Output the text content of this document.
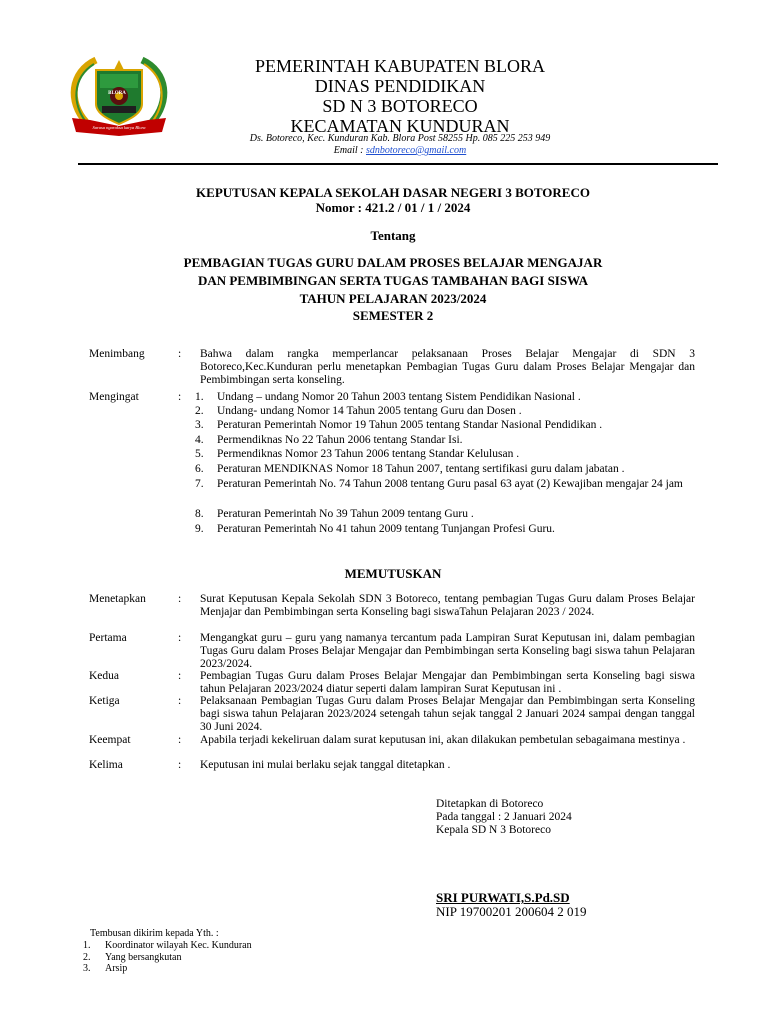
BLORA
Sarasa ngaraksa karya Blora
PEMERINTAH KABUPATEN BLORA
DINAS PENDIDIKAN
SD N 3 BOTORECO
KECAMATAN KUNDURAN
Ds. Botoreco, Kec. Kunduran Kab. Blora Post 58255 Hp. 085 225 253 949
Email : sdnbotoreco@gmail.com
KEPUTUSAN KEPALA SEKOLAH DASAR NEGERI 3 BOTORECO
Nomor : 421.2 / 01 / 1 / 2024
Tentang
PEMBAGIAN TUGAS GURU DALAM PROSES BELAJAR MENGAJAR
DAN PEMBIMBINGAN SERTA TUGAS TAMBAHAN BAGI SISWA
TAHUN PELAJARAN 2023/2024
SEMESTER 2
Menimbang	: Bahwa dalam rangka memperlancar pelaksanaan Proses Belajar Mengajar di SDN 3 Botoreco,Kec.Kunduran perlu menetapkan Pembagian Tugas Guru dalam Proses Belajar Mengajar dan Pembimbingan serta konseling.
Mengingat	: 1. Undang – undang Nomor 20 Tahun 2003 tentang Sistem Pendidikan Nasional .
2. Undang- undang Nomor 14 Tahun 2005 tentang Guru dan Dosen .
3. Peraturan Pemerintah Nomor 19 Tahun 2005 tentang Standar Nasional Pendidikan .
4. Permendiknas No 22 Tahun 2006 tentang Standar Isi.
5. Permendiknas Nomor 23 Tahun 2006 tentang Standar Kelulusan .
6. Peraturan MENDIKNAS Nomor 18 Tahun 2007, tentang sertifikasi guru dalam jabatan .
7. Peraturan Pemerintah No. 74 Tahun 2008 tentang Guru pasal 63 ayat (2) Kewajiban mengajar 24 jam
8. Peraturan Pemerintah No 39 Tahun 2009 tentang Guru .
9. Peraturan Pemerintah No 41 tahun 2009 tentang Tunjangan Profesi Guru.
MEMUTUSKAN
Menetapkan	: Surat Keputusan Kepala Sekolah SDN 3 Botoreco, tentang pembagian Tugas Guru dalam Proses Belajar Menjajar dan Pembimbingan serta Konseling bagi siswaTahun Pelajaran 2023 / 2024.
Pertama	: Mengangkat guru – guru yang namanya tercantum pada Lampiran Surat Keputusan ini, dalam pembagian Tugas Guru dalam Proses Belajar Mengajar dan Pembimbingan serta Konseling bagi siswa tahun Pelajaran 2023/2024.
Kedua	: Pembagian Tugas Guru dalam Proses Belajar Mengajar dan Pembimbingan serta Konseling bagi siswa tahun Pelajaran 2023/2024 diatur seperti dalam lampiran Surat Keputusan ini .
Ketiga	: Pelaksanaan Pembagian Tugas Guru dalam Proses Belajar Mengajar dan Pembimbingan serta Konseling bagi siswa tahun Pelajaran 2023/2024 setengah tahun sejak tanggal 2 Januari 2024 sampai dengan tanggal 30 Juni 2024.
Keempat	: Apabila terjadi kekeliruan dalam surat keputusan ini, akan dilakukan pembetulan sebagaimana mestinya .
Kelima	: Keputusan ini mulai berlaku sejak tanggal ditetapkan .
Ditetapkan di Botoreco
Pada tanggal : 2 Januari 2024
Kepala SD N 3 Botoreco
SRI PURWATI,S.Pd.SD
NIP 19700201 200604 2 019
Tembusan dikirim kepada Yth. :
1. Koordinator wilayah Kec. Kunduran
2. Yang bersangkutan
3. Arsip
